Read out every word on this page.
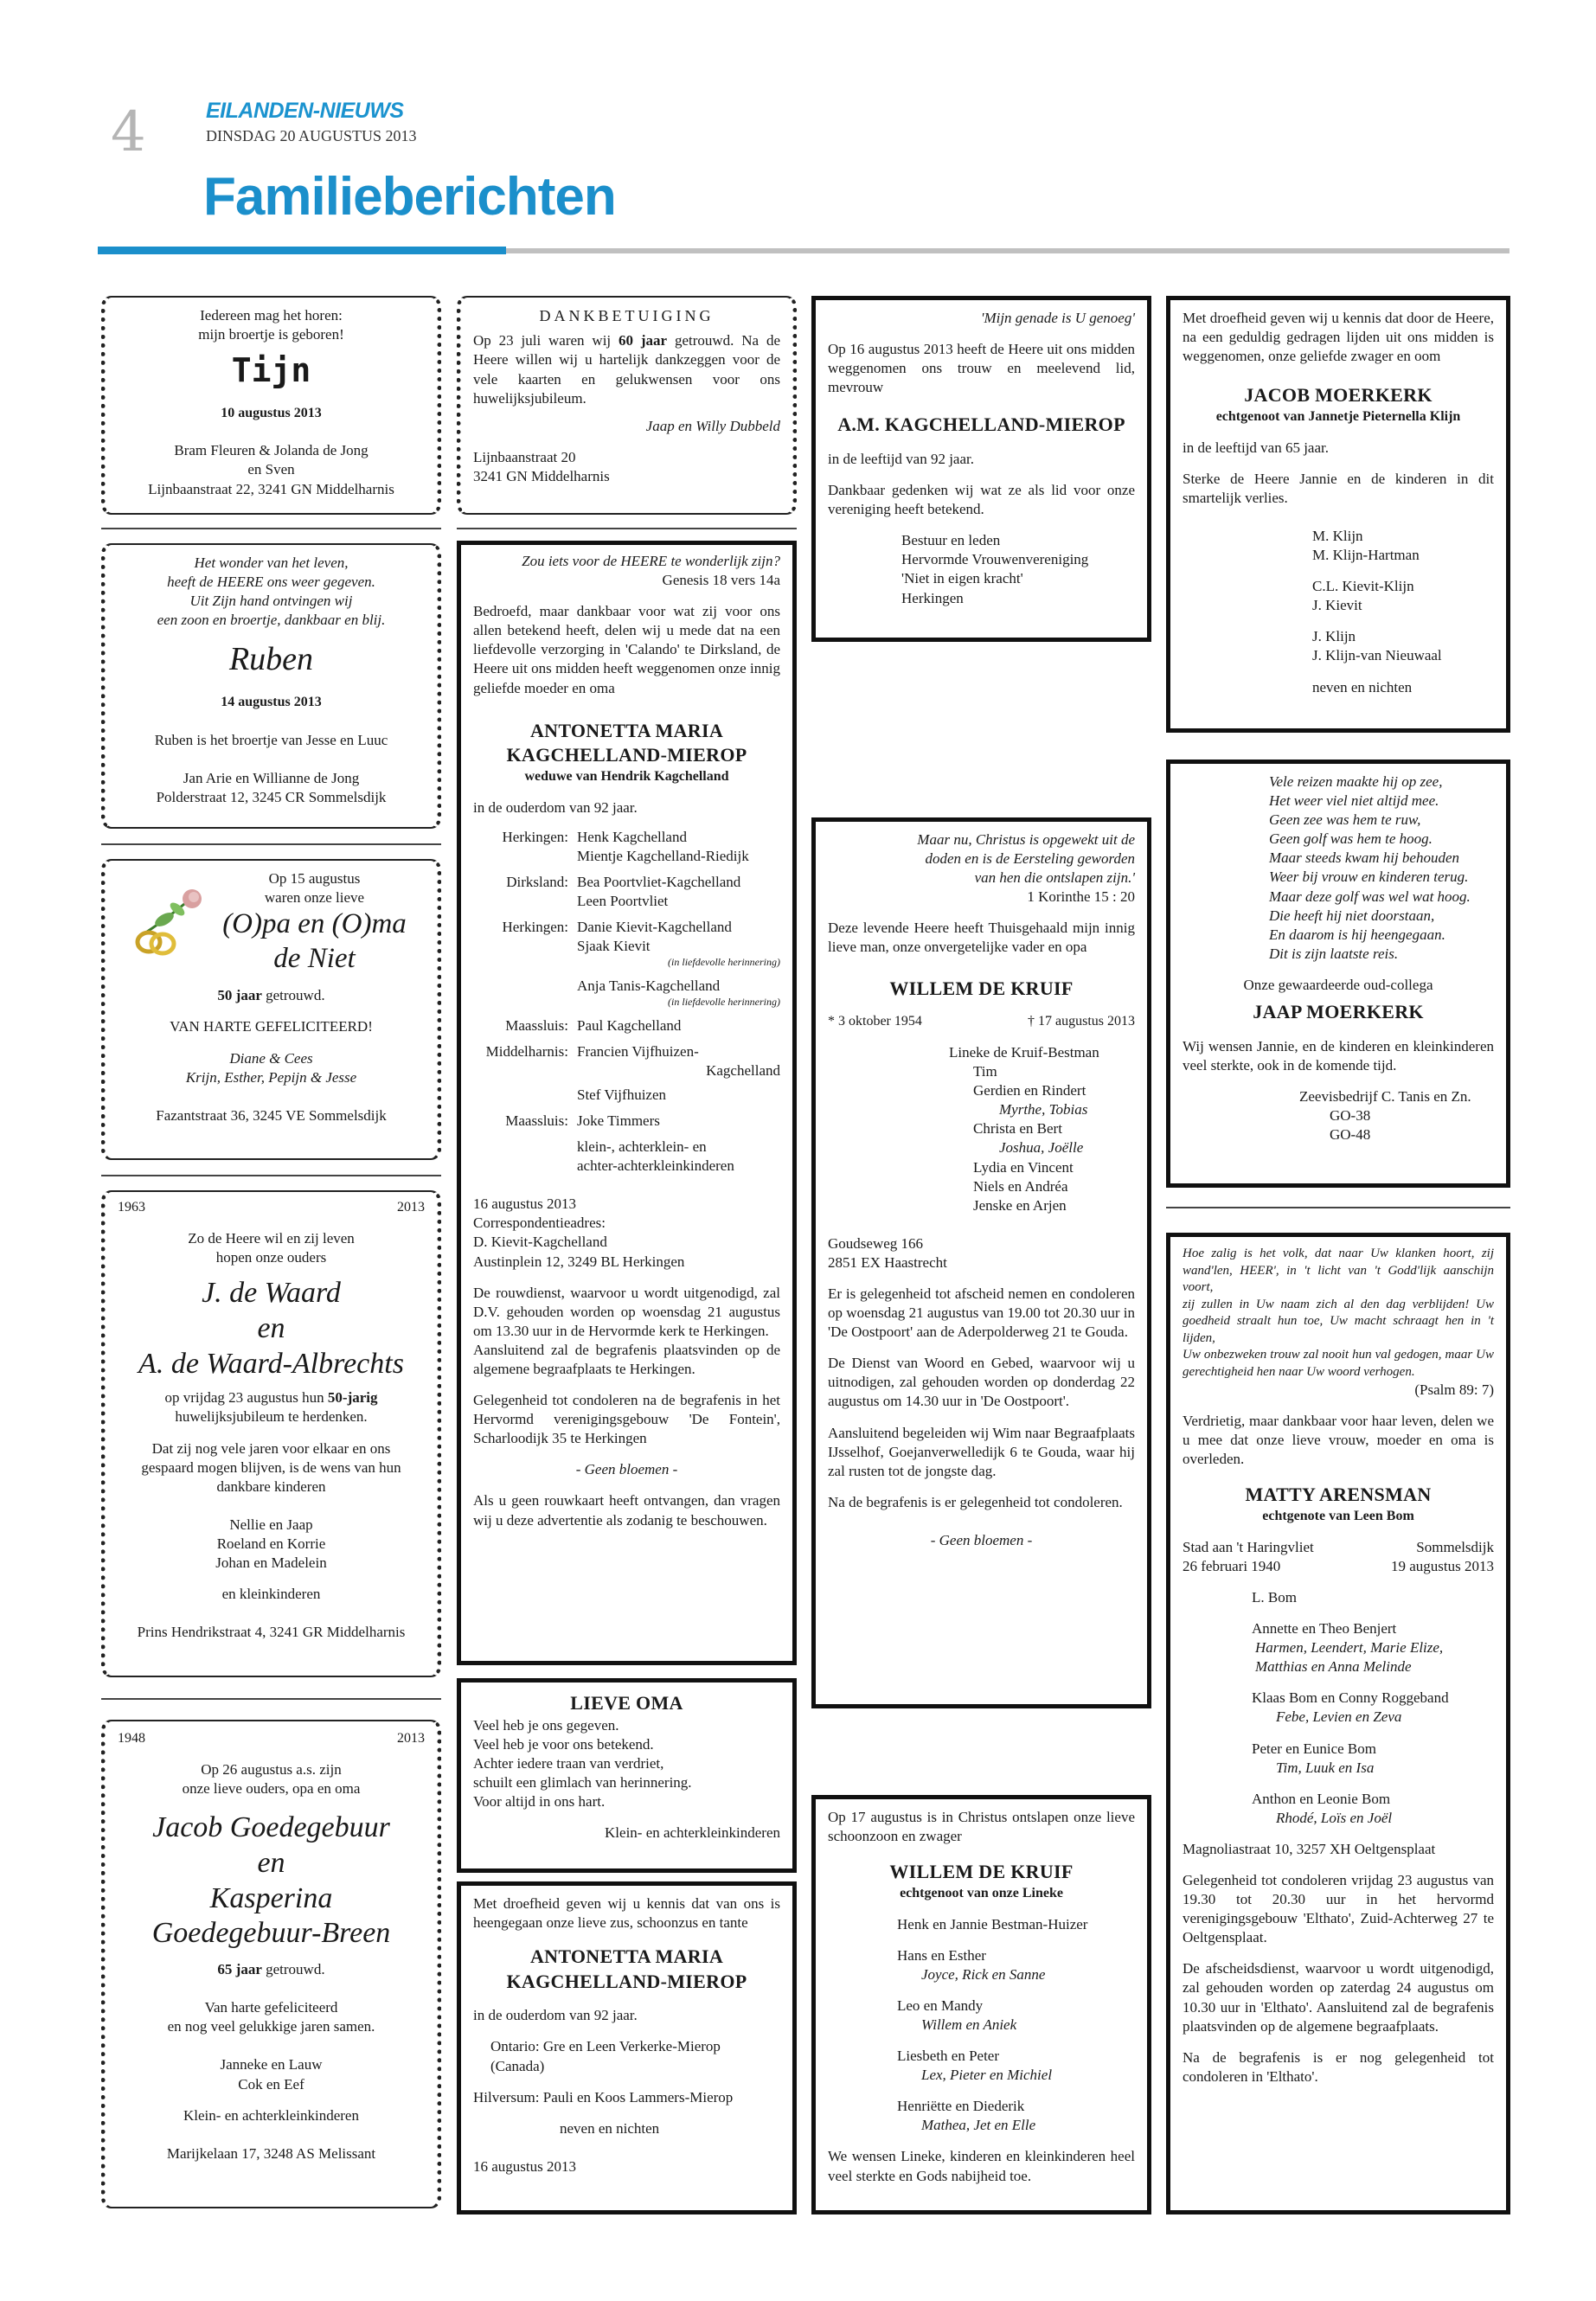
4	EILANDEN-NIEUWS
DINSDAG 20 AUGUSTUS 2013
Familieberichten
Iedereen mag het horen:
mijn broertje is geboren!
Tijn
10 augustus 2013
Bram Fleuren & Jolanda de Jong
en Sven
Lijnbaanstraat 22, 3241 GN Middelharnis
Het wonder van het leven,
heeft de HEERE ons weer gegeven.
Uit Zijn hand ontvingen wij
een zoon en broertje, dankbaar en blij.
Ruben
14 augustus 2013
Ruben is het broertje van Jesse en Luuc
Jan Arie en Willianne de Jong
Polderstraat 12, 3245 CR Sommelsdijk
Op 15 augustus
waren onze lieve
(O)pa en (O)ma
de Niet
50 jaar getrouwd.
VAN HARTE GEFELICITEERD!
Diane & Cees
Krijn, Esther, Pepijn & Jesse
Fazantstraat 36, 3245 VE Sommelsdijk
1963	2013
Zo de Heere wil en zij leven
hopen onze ouders
J. de Waard
en
A. de Waard-Albrechts
op vrijdag 23 augustus hun 50-jarig
huwelijksjubileum te herdenken.
Dat zij nog vele jaren voor elkaar en ons
gespaard mogen blijven, is de wens van hun
dankbare kinderen
Nellie en Jaap
Roeland en Korrie
Johan en Madelein
en kleinkinderen
Prins Hendrikstraat 4, 3241 GR Middelharnis
1948	2013
Op 26 augustus a.s. zijn
onze lieve ouders, opa en oma
Jacob Goedegebuur
en
Kasperina
Goedegebuur-Breen
65 jaar getrouwd.
Van harte gefeliciteerd
en nog veel gelukkige jaren samen.
Janneke en Lauw
Cok en Eef
Klein- en achterkleinkinderen
Marijkelaan 17, 3248 AS Melissant
DANKBETUIGING
Op 23 juli waren wij 60 jaar getrouwd. Na de Heere willen wij u hartelijk dankzeggen voor de vele kaarten en gelukwensen voor ons huwelijksjubileum.
Jaap en Willy Dubbeld
Lijnbaanstraat 20
3241 GN Middelharnis
Zou iets voor de HEERE te wonderlijk zijn?
Genesis 18 vers 14a
Bedroefd, maar dankbaar voor wat zij voor ons allen betekend heeft, delen wij u mede dat na een liefdevolle verzorging in 'Calando' te Dirksland, de Heere uit ons midden heeft weggenomen onze innig geliefde moeder en oma
ANTONETTA MARIA
KAGCHELLAND-MIEROP
weduwe van Hendrik Kagchelland
in de ouderdom van 92 jaar.
Herkingen: Henk Kagchelland
Mientje Kagchelland-Riedijk
Dirksland: Bea Poortvliet-Kagchelland
Leen Poortvliet
Herkingen: Danie Kievit-Kagchelland
Sjaak Kievit
(in liefdevolle herinnering)
Anja Tanis-Kagchelland
(in liefdevolle herinnering)
Maassluis: Paul Kagchelland
Middelharnis: Francien Vijfhuizen-
Kagchelland
Stef Vijfhuizen
Maassluis: Joke Timmers
klein-, achterklein- en
achter-achterkleinkinderen
16 augustus 2013
Correspondentieadres:
D. Kievit-Kagchelland
Austinplein 12, 3249 BL Herkingen
De rouwdienst, waarvoor u wordt uitgenodigd, zal D.V. gehouden worden op woensdag 21 augustus om 13.30 uur in de Hervormde kerk te Herkingen.
Aansluitend zal de begrafenis plaatsvinden op de algemene begraafplaats te Herkingen.
Gelegenheid tot condoleren na de begrafenis in het Hervormd verenigingsgebouw 'De Fontein', Scharloodijk 35 te Herkingen
- Geen bloemen -
Als u geen rouwkaart heeft ontvangen, dan vragen wij u deze advertentie als zodanig te beschouwen.
LIEVE OMA
Veel heb je ons gegeven.
Veel heb je voor ons betekend.
Achter iedere traan van verdriet,
schuilt een glimlach van herinnering.
Voor altijd in ons hart.
Klein- en achterkleinkinderen
Met droefheid geven wij u kennis dat van ons is heengegaan onze lieve zus, schoonzus en tante
ANTONETTA MARIA
KAGCHELLAND-MIEROP
in de ouderdom van 92 jaar.
Ontario: Gre en Leen Verkerke-Mierop
(Canada)
Hilversum: Pauli en Koos Lammers-Mierop
neven en nichten
16 augustus 2013
'Mijn genade is U genoeg'
Op 16 augustus 2013 heeft de Heere uit ons midden weggenomen ons trouw en meelevend lid, mevrouw
A.M. KAGCHELLAND-MIEROP
in de leeftijd van 92 jaar.
Dankbaar gedenken wij wat ze als lid voor onze vereniging heeft betekend.
Bestuur en leden
Hervormde Vrouwenvereniging
'Niet in eigen kracht'
Herkingen
Maar nu, Christus is opgewekt uit de
doden en is de Eersteling geworden
van hen die ontslapen zijn.'
1 Korinthe 15 : 20
Deze levende Heere heeft Thuisgehaald mijn innig lieve man, onze onvergetelijke vader en opa
WILLEM DE KRUIF
* 3 oktober 1954	† 17 augustus 2013
Lineke de Kruif-Bestman
Tim
Gerdien en Rindert
Myrthe, Tobias
Christa en Bert
Joshua, Joëlle
Lydia en Vincent
Niels en Andréa
Jenske en Arjen
Goudseweg 166
2851 EX Haastrecht
Er is gelegenheid tot afscheid nemen en condoleren op woensdag 21 augustus van 19.00 tot 20.30 uur in 'De Oostpoort' aan de Aderpolderweg 21 te Gouda.
De Dienst van Woord en Gebed, waarvoor wij u uitnodigen, zal gehouden worden op donderdag 22 augustus om 14.30 uur in 'De Oostpoort'.
Aansluitend begeleiden wij Wim naar Begraafplaats IJsselhof, Goejanverwelledijk 6 te Gouda, waar hij zal rusten tot de jongste dag.
Na de begrafenis is er gelegenheid tot condoleren.
- Geen bloemen -
Op 17 augustus is in Christus ontslapen onze lieve schoonzoon en zwager
WILLEM DE KRUIF
echtgenoot van onze Lineke
Henk en Jannie Bestman-Huizer
Hans en Esther
Joyce, Rick en Sanne
Leo en Mandy
Willem en Aniek
Liesbeth en Peter
Lex, Pieter en Michiel
Henriëtte en Diederik
Mathea, Jet en Elle
We wensen Lineke, kinderen en kleinkinderen heel veel sterkte en Gods nabijheid toe.
Met droefheid geven wij u kennis dat door de Heere, na een geduldig gedragen lijden uit ons midden is weggenomen, onze geliefde zwager en oom
JACOB MOERKERK
echtgenoot van Jannetje Pieternella Klijn
in de leeftijd van 65 jaar.
Sterke de Heere Jannie en de kinderen in dit smartelijk verlies.
M. Klijn
M. Klijn-Hartman
C.L. Kievit-Klijn
J. Kievit
J. Klijn
J. Klijn-van Nieuwaal
neven en nichten
Vele reizen maakte hij op zee,
Het weer viel niet altijd mee.
Geen zee was hem te ruw,
Geen golf was hem te hoog.
Maar steeds kwam hij behouden
Weer bij vrouw en kinderen terug.
Maar deze golf was wel wat hoog.
Die heeft hij niet doorstaan,
En daarom is hij heengegaan.
Dit is zijn laatste reis.
Onze gewaardeerde oud-collega
JAAP MOERKERK
Wij wensen Jannie, en de kinderen en kleinkinderen veel sterkte, ook in de komende tijd.
Zeevisbedrijf C. Tanis en Zn.
GO-38
GO-48
Hoe zalig is het volk, dat naar Uw klanken hoort, zij wand'len, HEER', in 't licht van 't Godd'lijk aanschijn voort,
zij zullen in Uw naam zich al den dag verblijden! Uw goedheid straalt hun toe, Uw macht schraagt hen in 't lijden,
Uw onbezweken trouw zal nooit hun val gedogen, maar Uw gerechtigheid hen naar Uw woord verhogen.
(Psalm 89: 7)
Verdrietig, maar dankbaar voor haar leven, delen we u mee dat onze lieve vrouw, moeder en oma is overleden.
MATTY ARENSMAN
echtgenote van Leen Bom
Stad aan 't Haringvliet	Sommelsdijk
26 februari 1940	19 augustus 2013
L. Bom
Annette en Theo Benjert
Harmen, Leendert, Marie Elize, Matthias en Anna Melinde
Klaas Bom en Conny Roggeband
Febe, Levien en Zeva
Peter en Eunice Bom
Tim, Luuk en Isa
Anthon en Leonie Bom
Rhodé, Loïs en Joël
Magnoliastraat 10, 3257 XH Oeltgensplaat
Gelegenheid tot condoleren vrijdag 23 augustus van 19.30 tot 20.30 uur in het hervormd verenigingsgebouw 'Elthato', Zuid-Achterweg 27 te Oeltgensplaat.
De afscheidsdienst, waarvoor u wordt uitgenodigd, zal gehouden worden op zaterdag 24 augustus om 10.30 uur in 'Elthato'. Aansluitend zal de begrafenis plaatsvinden op de algemene begraafplaats.
Na de begrafenis is er nog gelegenheid tot condoleren in 'Elthato'.
